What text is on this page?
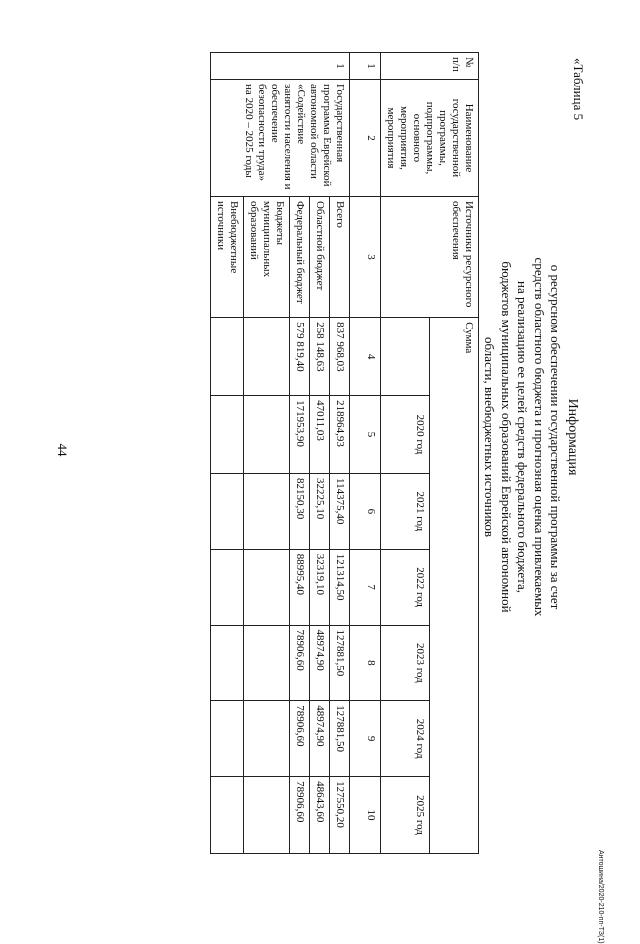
44
Антошина/2020-210-пп-ТЗ(1)
«Таблица 5
Информация
о ресурсном обеспечении государственной программы за счет
средств областного бюджета и прогнозная оценка привлекаемых
на реализацию ее целей средств федерального бюджета,
бюджетов муниципальных образований Еврейской автономной
области, внебюджетных источников
№ п/п	Наименование государственной программы, подпрограммы, основного мероприятия, мероприятия	Источники ресурсного обеспечения	Сумма						
				2020 год	2021 год	2022 год	2023 год	2024 год	2025 год
1	2	3	4	5	6	7	8	9	10
1	Государственная программа Еврейской автономной области «Содействие занятости населения и обеспечение безопасности труда» на 2020 – 2025 годы	Всего	837 968,03	218964,93	114375,40	121314,50	127881,50	127881,50	127550,20
		Областной бюджет	258 148,63	47011,03	32225,10	32319,10	48974,90	48974,90	48643,60
		Федеральный бюджет	579 819,40	171953,90	82150,30	88995,40	78906,60	78906,60	78906,60
		Бюджеты муниципальных образований							
		Внебюджетные источники							
